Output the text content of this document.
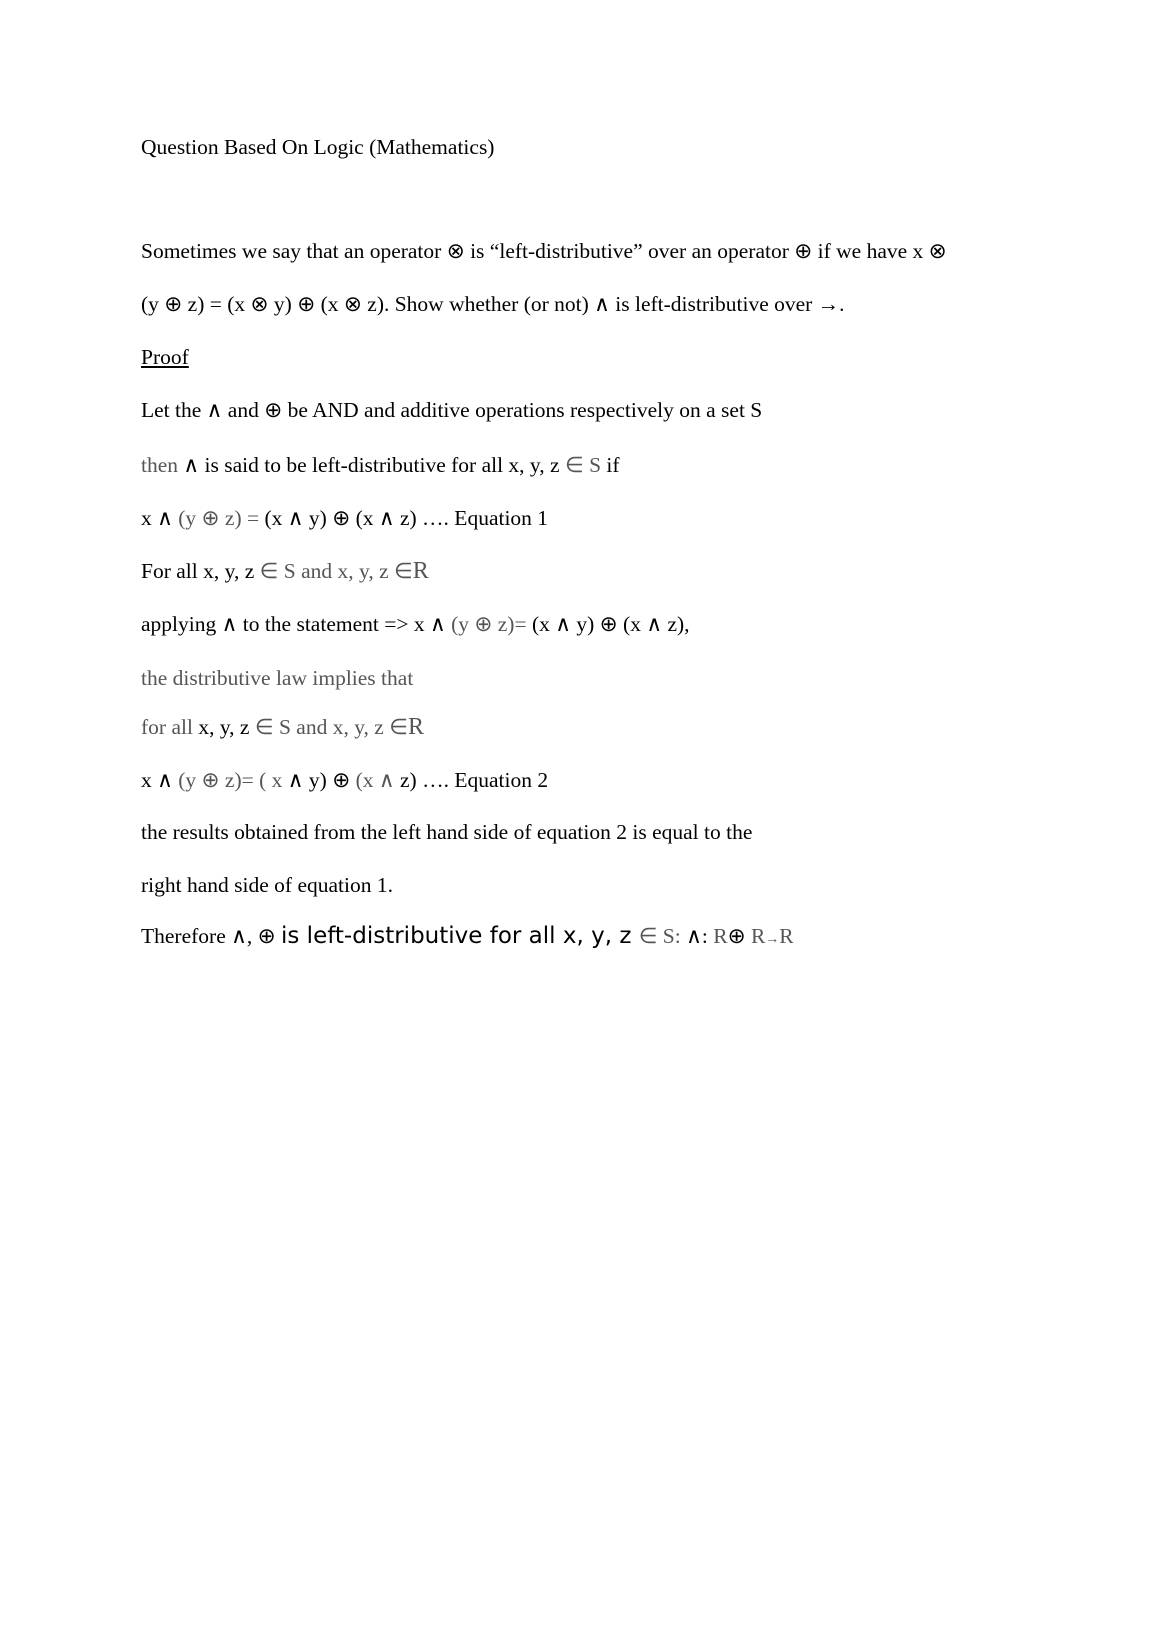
Question Based On Logic (Mathematics)
Sometimes we say that an operator ⊗ is “left-distributive” over an operator ⊕ if we have x ⊗
(y ⊕ z) = (x ⊗ y) ⊕ (x ⊗ z). Show whether (or not) ∧ is left-distributive over →.
Proof
Let the ∧ and ⊕ be AND and additive operations respectively on a set S
then ∧ is said to be left-distributive for all x, y, z ∈ S if
x ∧ (y ⊕ z) = (x ∧ y) ⊕ (x ∧ z) …. Equation 1
For all x, y, z ∈ S and x, y, z ∈R
applying ∧ to the statement => x ∧ (y ⊕ z)= (x ∧ y) ⊕ (x ∧ z),
the distributive law implies that
for all x, y, z ∈ S and x, y, z ∈R
x ∧ (y ⊕ z)= ( x ∧ y) ⊕ (x ∧ z) …. Equation 2
the results obtained from the left hand side of equation 2 is equal to the
right hand side of equation 1.
Therefore ∧, ⊕ is left-distributive for all x, y, z ∈ S: ∧: R⊕ R→R
